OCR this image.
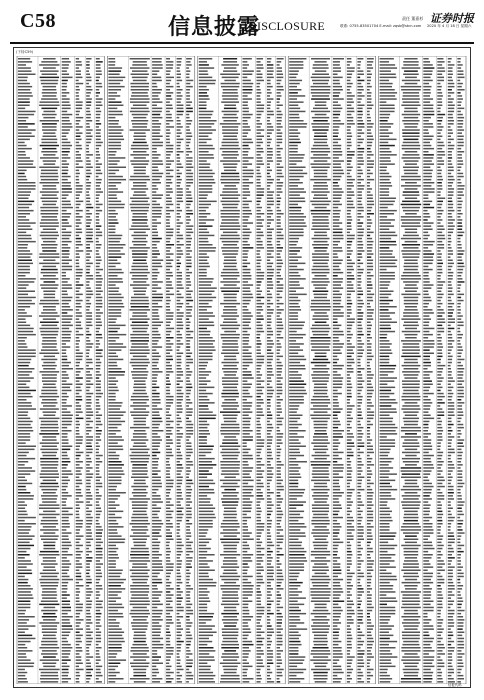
C58	信息披露
DISCLOSURE
责任 董嘉杉
联系: 0755-83501704 E-mail: zqsb@stcn.com
证券时报
2020 年 4 月 18 日 星期六
(下转C59)
信披代码
